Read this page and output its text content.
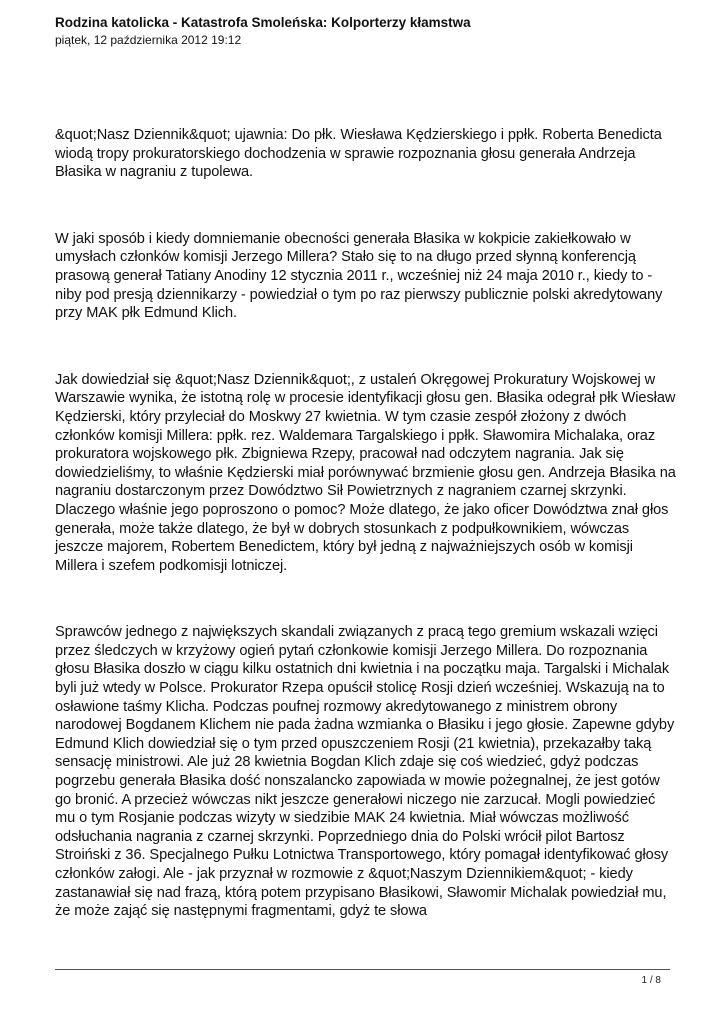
Rodzina katolicka - Katastrofa Smoleńska: Kolporterzy kłamstwa

piątek, 12 października 2012 19:12

&quot;Nasz Dziennik&quot; ujawnia: Do płk. Wiesława Kędzierskiego i ppłk. Roberta Benedicta wiodą tropy prokuratorskiego dochodzenia w sprawie rozpoznania głosu generała Andrzeja Błasika w nagraniu z tupolewa.

W jaki sposób i kiedy domniemanie obecności generała Błasika w kokpicie zakiełkowało w umysłach członków komisji Jerzego Millera? Stało się to na długo przed słynną konferencją prasową generał Tatiany Anodiny 12 stycznia 2011 r., wcześniej niż 24 maja 2010 r., kiedy to - niby pod presją dziennikarzy - powiedział o tym po raz pierwszy publicznie polski akredytowany przy MAK płk Edmund Klich.

Jak dowiedział się &quot;Nasz Dziennik&quot;, z ustaleń Okręgowej Prokuratury Wojskowej w Warszawie wynika, że istotną rolę w procesie identyfikacji głosu gen. Błasika odegrał płk Wiesław Kędzierski, który przyleciał do Moskwy 27 kwietnia. W tym czasie zespół złożony z dwóch członków komisji Millera: ppłk. rez. Waldemara Targalskiego i ppłk. Sławomira Michalaka, oraz prokuratora wojskowego płk. Zbigniewa Rzepy, pracował nad odczytem nagrania. Jak się dowiedzieliśmy, to właśnie Kędzierski miał porównywać brzmienie głosu gen. Andrzeja Błasika na nagraniu dostarczonym przez Dowództwo Sił Powietrznych z nagraniem czarnej skrzynki. Dlaczego właśnie jego poproszono o pomoc? Może dlatego, że jako oficer Dowództwa znał głos generała, może także dlatego, że był w dobrych stosunkach z podpułkownikiem, wówczas jeszcze majorem, Robertem Benedictem, który był jedną z najważniejszych osób w komisji Millera i szefem podkomisji lotniczej.

Sprawców jednego z największych skandali związanych z pracą tego gremium wskazali wzięci przez śledczych w krzyżowy ogień pytań członkowie komisji Jerzego Millera. Do rozpoznania głosu Błasika doszło w ciągu kilku ostatnich dni kwietnia i na początku maja. Targalski i Michalak byli już wtedy w Polsce. Prokurator Rzepa opuścił stolicę Rosji dzień wcześniej. Wskazują na to osławione taśmy Klicha. Podczas poufnej rozmowy akredytowanego z ministrem obrony narodowej Bogdanem Klichem nie pada żadna wzmianka o Błasiku i jego głosie. Zapewne gdyby Edmund Klich dowiedział się o tym przed opuszczeniem Rosji (21 kwietnia), przekazałby taką sensację ministrowi. Ale już 28 kwietnia Bogdan Klich zdaje się coś wiedzieć, gdyż podczas pogrzebu generała Błasika dość nonszalancko zapowiada w mowie pożegnalnej, że jest gotów go bronić. A przecież wówczas nikt jeszcze generałowi niczego nie zarzucał. Mogli powiedzieć mu o tym Rosjanie podczas wizyty w siedzibie MAK 24 kwietnia. Miał wówczas możliwość odsłuchania nagrania z czarnej skrzynki. Poprzedniego dnia do Polski wrócił pilot Bartosz Stroiński z 36. Specjalnego Pułku Lotnictwa Transportowego, który pomagał identyfikować głosy członków załogi. Ale - jak przyznał w rozmowie z &quot;Naszym Dziennikiem&quot; - kiedy zastanawiał się nad frazą, którą potem przypisano Błasikowi, Sławomir Michalak powiedział mu, że może zająć się następnymi fragmentami, gdyż te słowa

1 / 8
